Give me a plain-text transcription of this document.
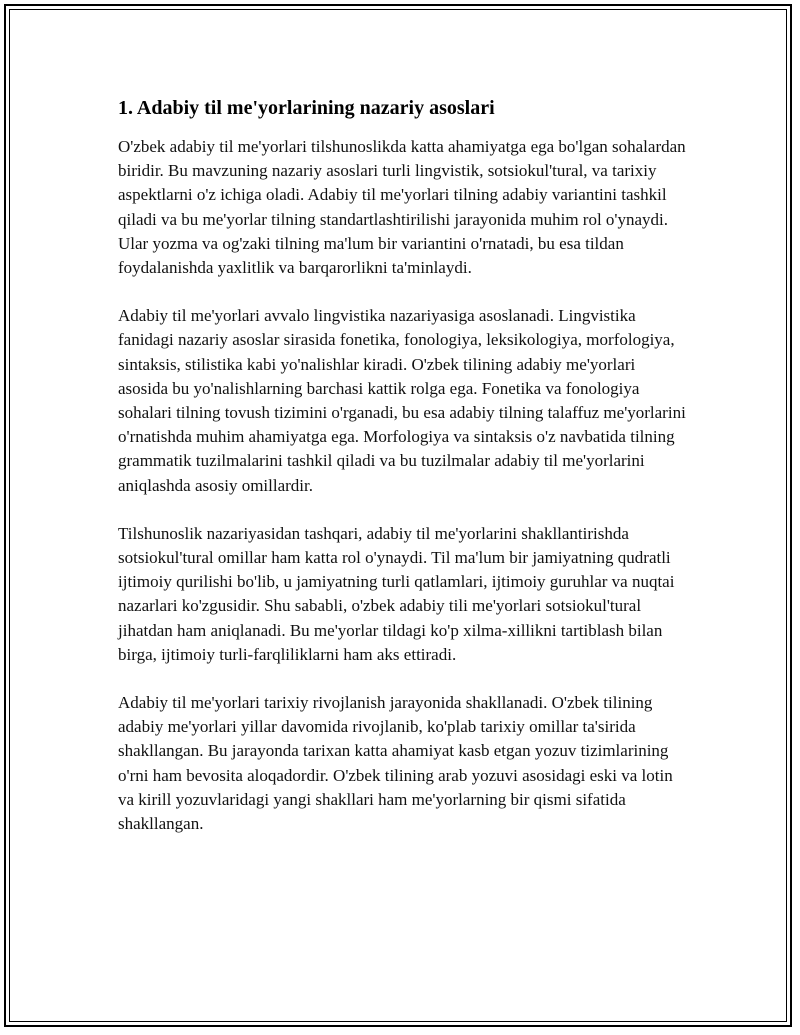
1. Adabiy til me'yorlarining nazariy asoslari

O'zbek adabiy til me'yorlari tilshunoslikda katta ahamiyatga ega bo'lgan sohalardan biridir. Bu mavzuning nazariy asoslari turli lingvistik, sotsiokul'tural, va tarixiy aspektlarni o'z ichiga oladi. Adabiy til me'yorlari tilning adabiy variantini tashkil qiladi va bu me'yorlar tilning standartlashtirilishi jarayonida muhim rol o'ynaydi. Ular yozma va og'zaki tilning ma'lum bir variantini o'rnatadi, bu esa tildan foydalanishda yaxlitlik va barqarorlikni ta'minlaydi.

Adabiy til me'yorlari avvalo lingvistika nazariyasiga asoslanadi. Lingvistika fanidagi nazariy asoslar sirasida fonetika, fonologiya, leksikologiya, morfologiya, sintaksis, stilistika kabi yo'nalishlar kiradi. O'zbek tilining adabiy me'yorlari asosida bu yo'nalishlarning barchasi kattik rolga ega. Fonetika va fonologiya sohalari tilning tovush tizimini o'rganadi, bu esa adabiy tilning talaffuz me'yorlarini o'rnatishda muhim ahamiyatga ega. Morfologiya va sintaksis o'z navbatida tilning grammatik tuzilmalarini tashkil qiladi va bu tuzilmalar adabiy til me'yorlarini aniqlashda asosiy omillardir.

Tilshunoslik nazariyasidan tashqari, adabiy til me'yorlarini shakllantirishda sotsiokul'tural omillar ham katta rol o'ynaydi. Til ma'lum bir jamiyatning qudratli ijtimoiy qurilishi bo'lib, u jamiyatning turli qatlamlari, ijtimoiy guruhlar va nuqtai nazarlari ko'zgusidir. Shu sababli, o'zbek adabiy tili me'yorlari sotsiokul'tural jihatdan ham aniqlanadi. Bu me'yorlar tildagi ko'p xilma-xillikni tartiblash bilan birga, ijtimoiy turli-farqliliklarni ham aks ettiradi.

Adabiy til me'yorlari tarixiy rivojlanish jarayonida shakllanadi. O'zbek tilining adabiy me'yorlari yillar davomida rivojlanib, ko'plab tarixiy omillar ta'sirida shakllangan. Bu jarayonda tarixan katta ahamiyat kasb etgan yozuv tizimlarining o'rni ham bevosita aloqadordir. O'zbek tilining arab yozuvi asosidagi eski va lotin va kirill yozuvlaridagi yangi shakllari ham me'yorlarning bir qismi sifatida shakllangan.
